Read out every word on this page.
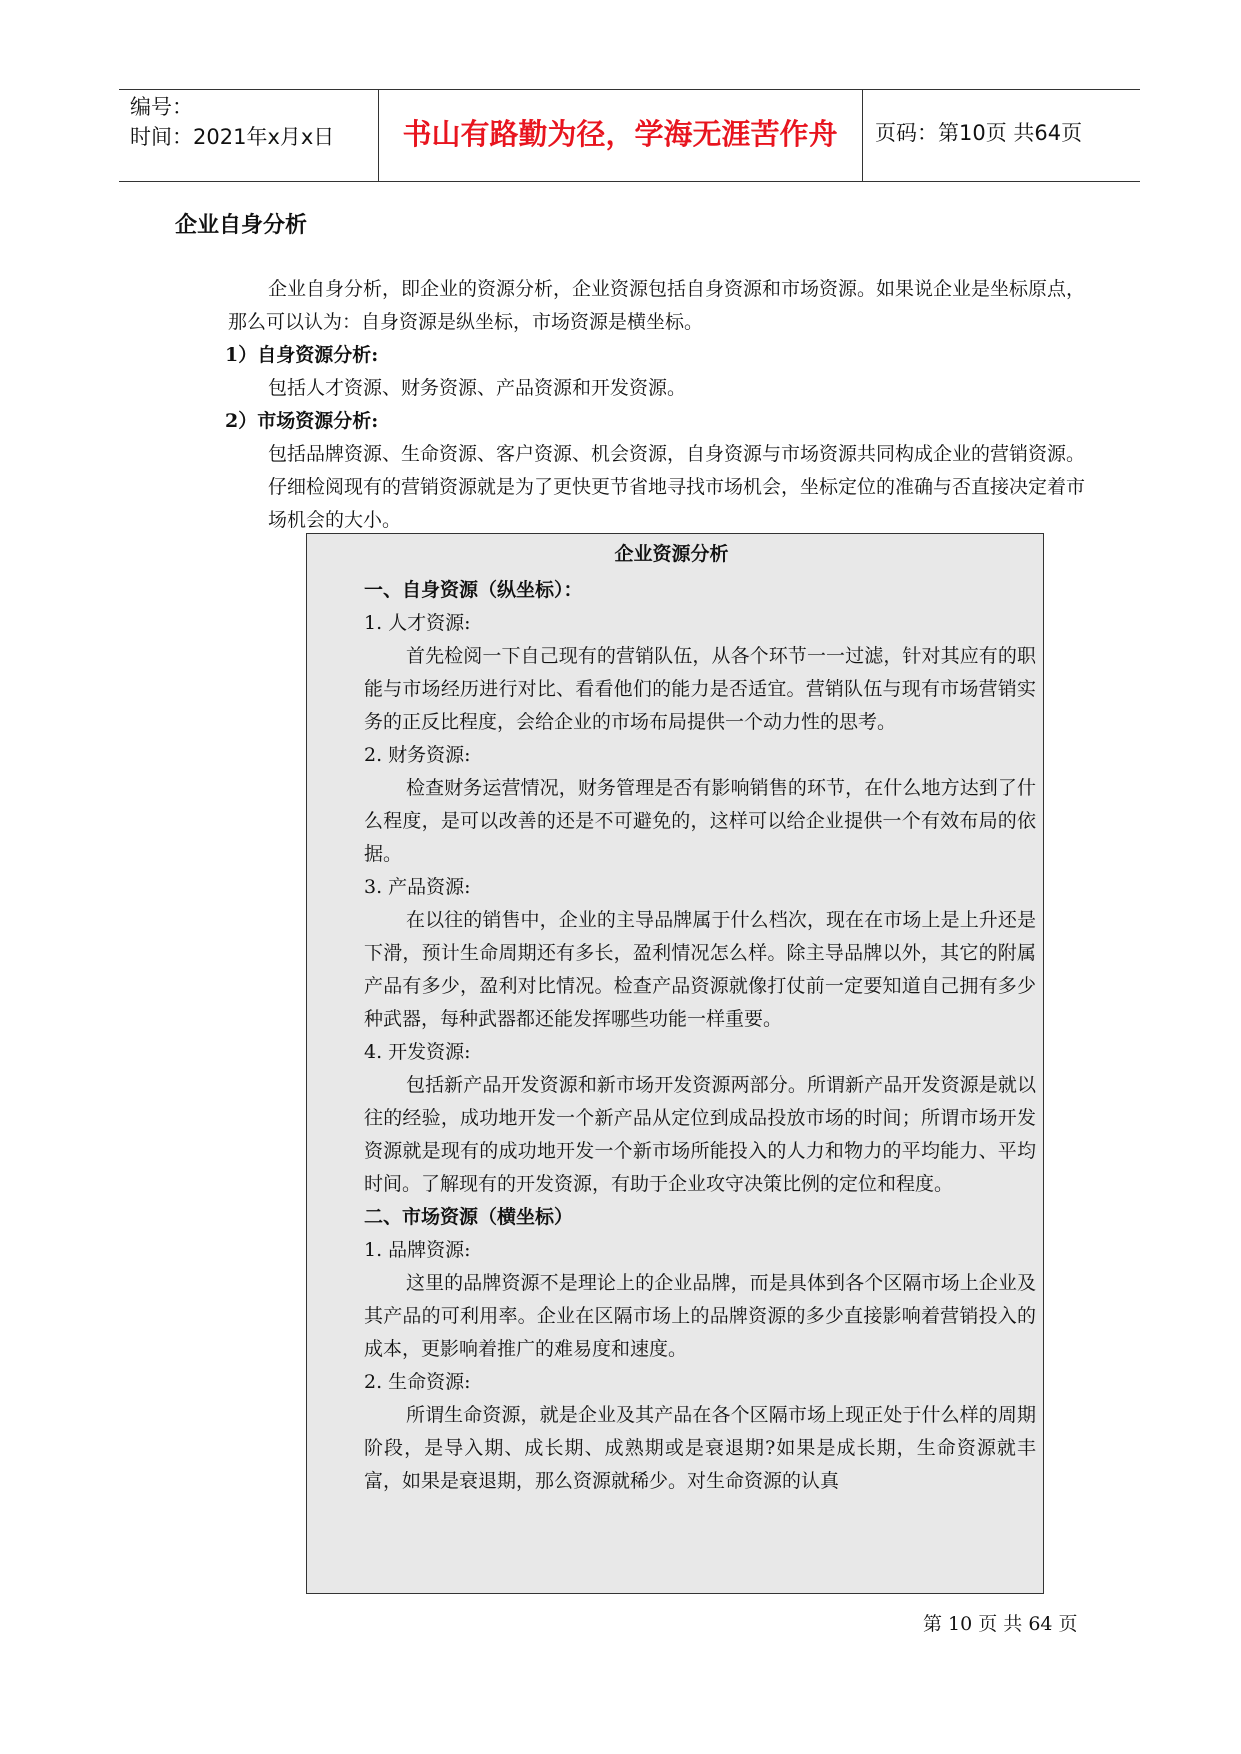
编号：
时间：2021年x月x日	书山有路勤为径，学海无涯苦作舟	页码：第10页 共64页
企业自身分析
企业自身分析，即企业的资源分析，企业资源包括自身资源和市场资源。如果说企业是坐标原点，那么可以认为：自身资源是纵坐标，市场资源是横坐标。
1）自身资源分析:
包括人才资源、财务资源、产品资源和开发资源。
2）市场资源分析:
包括品牌资源、生命资源、客户资源、机会资源，自身资源与市场资源共同构成企业的营销资源。仔细检阅现有的营销资源就是为了更快更节省地寻找市场机会，坐标定位的准确与否直接决定着市场机会的大小。
企业资源分析
一、自身资源（纵坐标）：
1. 人才资源:
首先检阅一下自己现有的营销队伍，从各个环节一一过滤，针对其应有的职能与市场经历进行对比、看看他们的能力是否适宜。营销队伍与现有市场营销实务的正反比程度，会给企业的市场布局提供一个动力性的思考。
2. 财务资源:
检查财务运营情况，财务管理是否有影响销售的环节，在什么地方达到了什么程度，是可以改善的还是不可避免的，这样可以给企业提供一个有效布局的依据。
3. 产品资源:
在以往的销售中，企业的主导品牌属于什么档次，现在在市场上是上升还是下滑，预计生命周期还有多长，盈利情况怎么样。除主导品牌以外，其它的附属产品有多少，盈利对比情况。检查产品资源就像打仗前一定要知道自己拥有多少种武器，每种武器都还能发挥哪些功能一样重要。
4. 开发资源:
包括新产品开发资源和新市场开发资源两部分。所谓新产品开发资源是就以往的经验，成功地开发一个新产品从定位到成品投放市场的时间；所谓市场开发资源就是现有的成功地开发一个新市场所能投入的人力和物力的平均能力、平均时间。了解现有的开发资源，有助于企业攻守决策比例的定位和程度。
二、市场资源（横坐标）
1. 品牌资源:
这里的品牌资源不是理论上的企业品牌，而是具体到各个区隔市场上企业及其产品的可利用率。企业在区隔市场上的品牌资源的多少直接影响着营销投入的成本，更影响着推广的难易度和速度。
2. 生命资源:
所谓生命资源，就是企业及其产品在各个区隔市场上现正处于什么样的周期阶段，是导入期、成长期、成熟期或是衰退期?如果是成长期，生命资源就丰富，如果是衰退期，那么资源就稀少。对生命资源的认真
第 10 页 共 64 页
